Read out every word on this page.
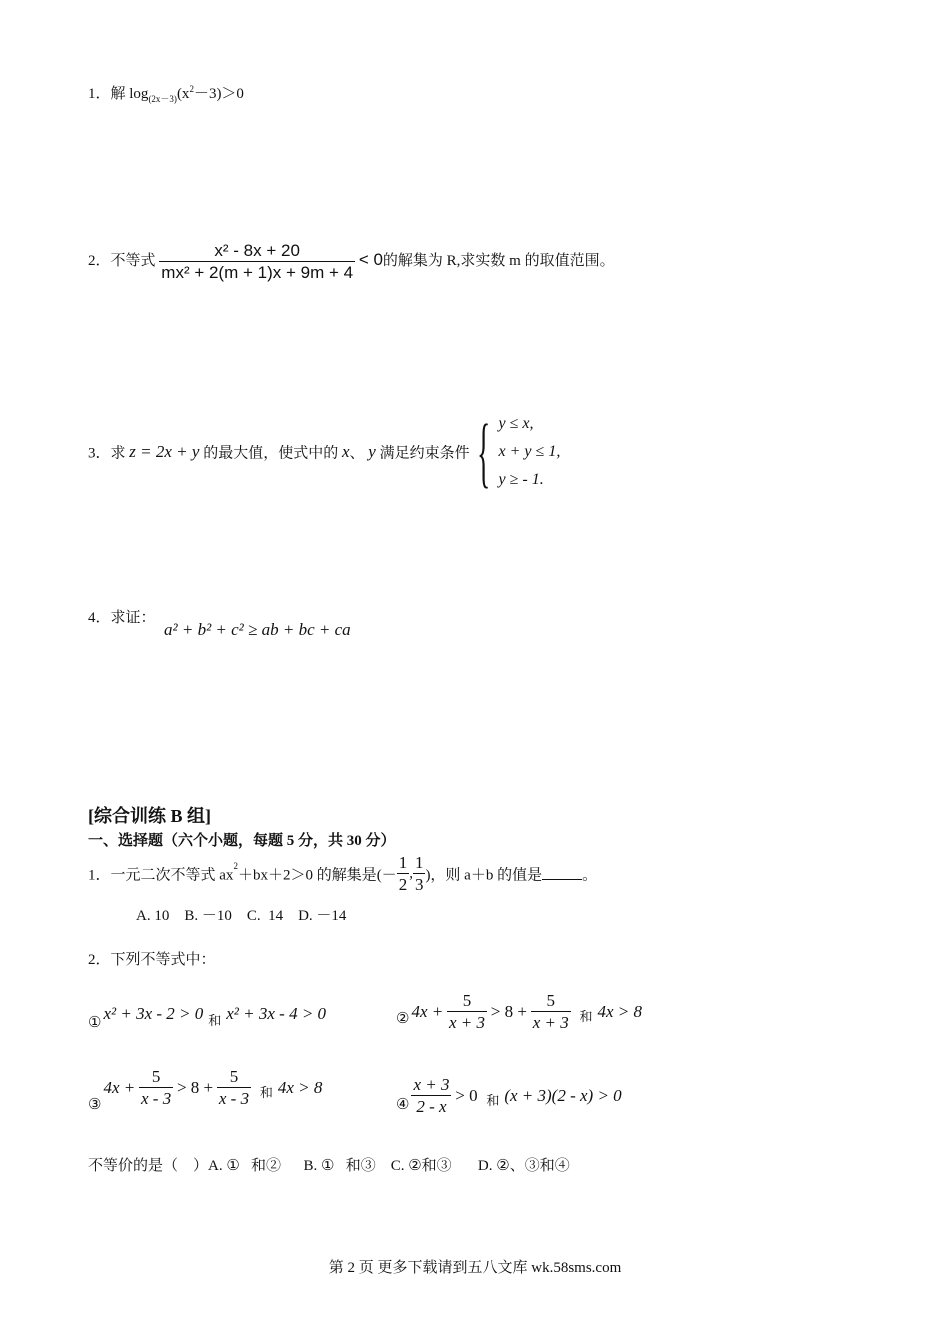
1．解 $\log_{(2x-3)}(x^2-3)>0$
2．不等式 $\frac{\text{x² - 8x + 20}}{\text{mx² + 2(m + 1)x + 9m + 4}} < 0$的解集为 R,求实数 m 的取值范围。
3．求 z = 2x + y 的最大值，使式中的 x、 y 满足约束条件 { y ≤ x,
x + y ≤ 1,
y ≥ - 1.
4．求证：
a² + b² + c² ≥ ab + bc + ca
[综合训练 B 组]
一、选择题（六个小题，每题 5 分，共 30 分）
1．一元二次不等式 $ax^2+bx+2>0$ 的解集是(－ $\frac{1}{2}$ , $\frac{1}{3}$ )，则 a＋b 的值是	。
A. 10    B. －10    C.  14    D. －14
2．下列不等式中：
① x² + 3x - 2 > 0 和 x² + 3x - 4 > 0	② $4x + \frac{5}{x + 3} > 8 + \frac{5}{x + 3}$ 和 4x > 8
③4x + $\frac{5}{x - 3} > 8 + \frac{5}{x - 3}$ 和 4x > 8
④ $\frac{x + 3}{2 - x} > 0$ 和 (x + 3)(2 - x) > 0
不等价的是（    ）A. ①   和②      B. ①   和③    C. ②和③       D. ②、③和④
第 2 页 更多下载请到五八文库 wk.58sms.com
